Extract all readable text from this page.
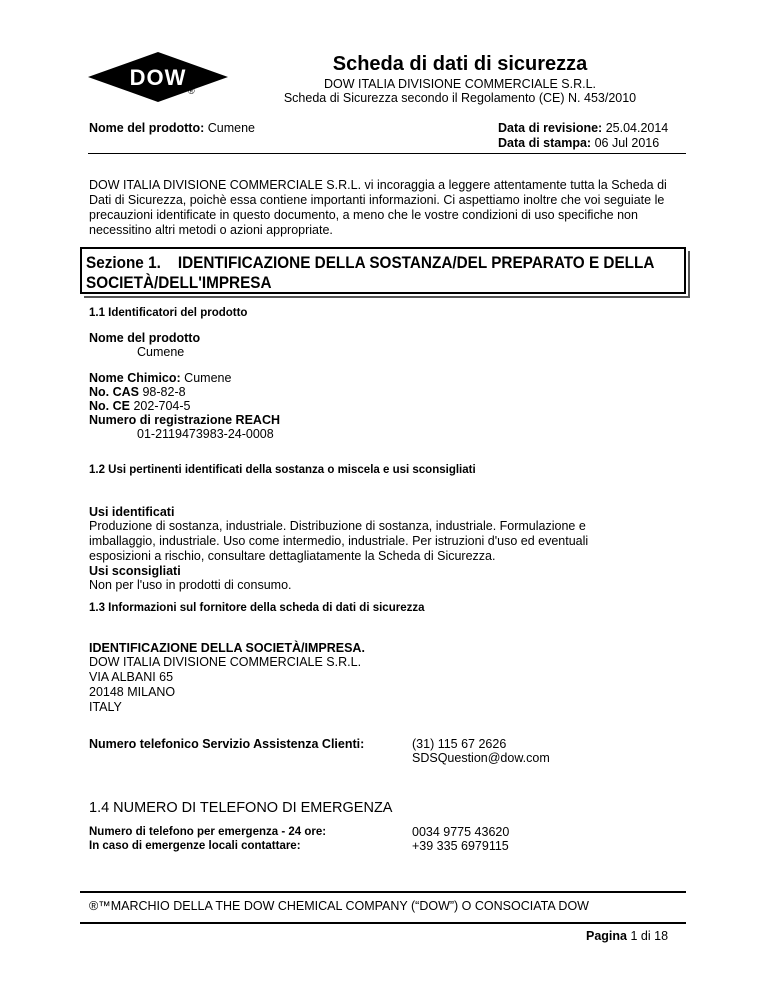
DOW
®
Scheda di dati di sicurezza
DOW ITALIA DIVISIONE COMMERCIALE S.R.L.
Scheda di Sicurezza secondo il Regolamento (CE) N. 453/2010
Nome del prodotto: Cumene	Data di revisione: 25.04.2014
Data di stampa: 06 Jul 2016
DOW ITALIA DIVISIONE COMMERCIALE S.R.L. vi incoraggia a leggere attentamente tutta la Scheda di Dati di Sicurezza, poichè essa contiene importanti informazioni. Ci aspettiamo inoltre che voi seguiate le precauzioni identificate in questo documento, a meno che le vostre condizioni di uso specifiche non necessitino altri metodi o azioni appropriate.
Sezione 1.    IDENTIFICAZIONE DELLA SOSTANZA/DEL PREPARATO E DELLA
SOCIETÀ/DELL'IMPRESA
1.1 Identificatori del prodotto
Nome del prodotto
Cumene
Nome Chimico: Cumene
No. CAS 98-82-8
No. CE 202-704-5
Numero di registrazione REACH
01-2119473983-24-0008
1.2 Usi pertinenti identificati della sostanza o miscela e usi sconsigliati
Usi identificati
Produzione di sostanza, industriale. Distribuzione di sostanza, industriale. Formulazione e imballaggio, industriale. Uso come intermedio, industriale. Per istruzioni d'uso ed eventuali esposizioni a rischio, consultare dettagliatamente la Scheda di Sicurezza.
Usi sconsigliati
Non per l'uso in prodotti di consumo.
1.3 Informazioni sul fornitore della scheda di dati di sicurezza
IDENTIFICAZIONE DELLA SOCIETÀ/IMPRESA.
DOW ITALIA DIVISIONE COMMERCIALE S.R.L.
VIA ALBANI 65
20148 MILANO
ITALY
Numero telefonico Servizio Assistenza Clienti:	(31) 115 67 2626
SDSQuestion@dow.com
1.4 NUMERO DI TELEFONO DI EMERGENZA
Numero di telefono per emergenza - 24 ore:	0034 9775 43620
In caso di emergenze locali contattare:	+39 335 6979115
®™MARCHIO DELLA THE DOW CHEMICAL COMPANY (“DOW”) O CONSOCIATA DOW
Pagina 1 di 18
